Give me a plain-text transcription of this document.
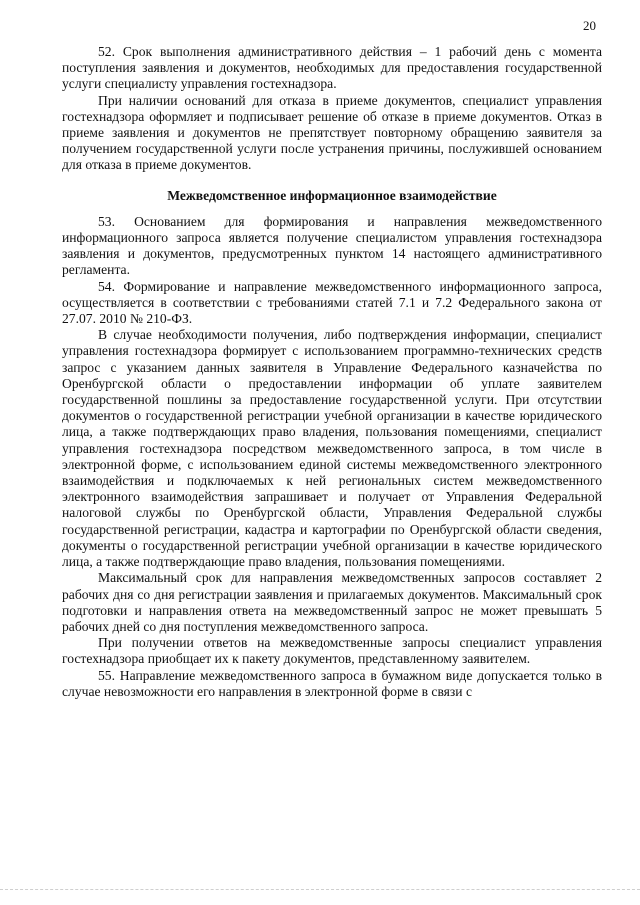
20

52. Срок выполнения административного действия – 1 рабочий день с момента поступления заявления и документов, необходимых для предоставления государственной услуги специалисту управления гостехнадзора.

При наличии оснований для отказа в приеме документов, специалист управления гостехнадзора оформляет и подписывает решение об отказе в приеме документов. Отказ в приеме заявления и документов не препятствует повторному обращению заявителя за получением государственной услуги после устранения причины, послужившей основанием для отказа в приеме документов.

Межведомственное информационное взаимодействие

53. Основанием для формирования и направления межведомственного информационного запроса является получение специалистом управления гостехнадзора заявления и документов, предусмотренных пунктом 14 настоящего административного регламента.

54. Формирование и направление межведомственного информационного запроса, осуществляется в соответствии с требованиями статей 7.1 и 7.2 Федерального закона от 27.07. 2010 № 210-ФЗ.

В случае необходимости получения, либо подтверждения информации, специалист управления гостехнадзора формирует с использованием программно-технических средств запрос с указанием данных заявителя в Управление Федерального казначейства по Оренбургской области о предоставлении информации об уплате заявителем государственной пошлины за предоставление государственной услуги. При отсутствии документов о государственной регистрации учебной организации в качестве юридического лица, а также подтверждающих право владения, пользования помещениями, специалист управления гостехнадзора посредством межведомственного запроса, в том числе в электронной форме, с использованием единой системы межведомственного электронного взаимодействия и подключаемых к ней региональных систем межведомственного электронного взаимодействия запрашивает и получает от Управления Федеральной налоговой службы по Оренбургской области, Управления Федеральной службы государственной регистрации, кадастра и картографии по Оренбургской области сведения, документы о государственной регистрации учебной организации в качестве юридического лица, а также подтверждающие право владения, пользования помещениями.

Максимальный срок для направления межведомственных запросов составляет 2 рабочих дня со дня регистрации заявления и прилагаемых документов. Максимальный срок подготовки и направления ответа на межведомственный запрос не может превышать 5 рабочих дней со дня поступления межведомственного запроса.

При получении ответов на межведомственные запросы специалист управления гостехнадзора приобщает их к пакету документов, представленному заявителем.

55. Направление межведомственного запроса в бумажном виде допускается только в случае невозможности его направления в электронной форме в связи с
